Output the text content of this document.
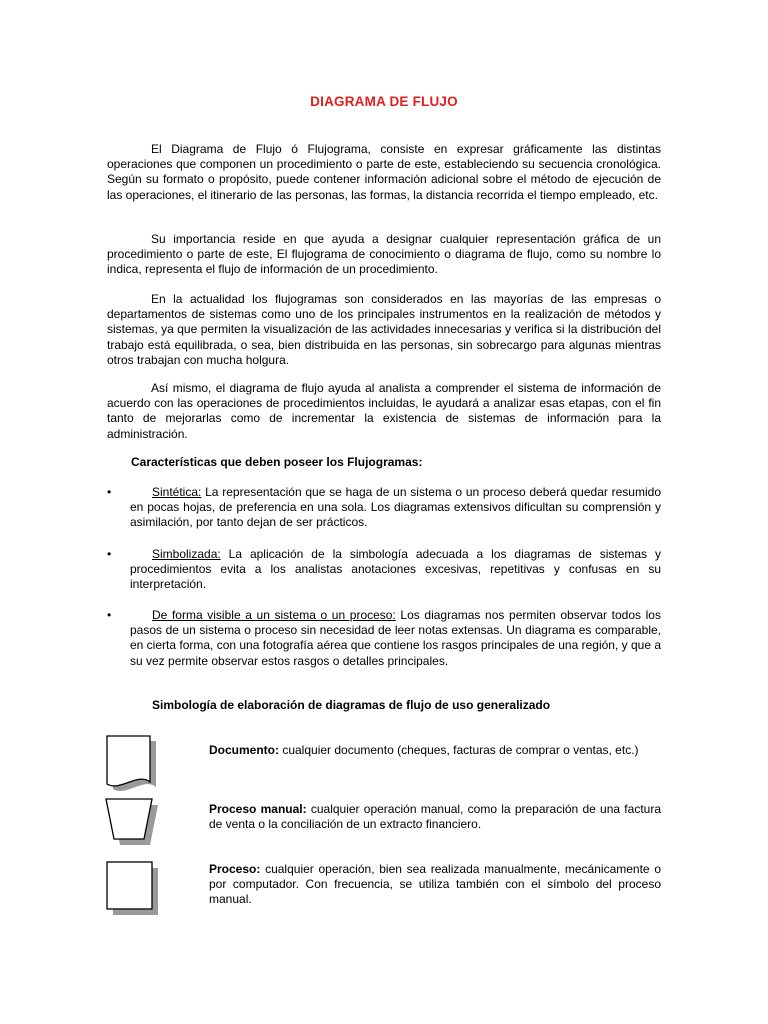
DIAGRAMA DE FLUJO

El Diagrama de Flujo ó Flujograma, consiste en expresar gráficamente las distintas operaciones que componen un procedimiento o parte de este, estableciendo su secuencia cronológica. Según su formato o propósito, puede contener información adicional sobre el método de ejecución de las operaciones, el itinerario de las personas, las formas, la distancia recorrida el tiempo empleado, etc.

Su importancia reside en que ayuda a designar cualquier representación gráfica de un procedimiento o parte de este, El flujograma de conocimiento o diagrama de flujo, como su nombre lo indica, representa el flujo de información de un procedimiento.

En la actualidad los flujogramas son considerados en las mayorías de las empresas o departamentos de sistemas como uno de los principales instrumentos en la realización de métodos y sistemas, ya que permiten la visualización de las actividades innecesarias y verifica si la distribución del trabajo está equilibrada, o sea, bien distribuida en las personas, sin sobrecargo para algunas mientras otros trabajan con mucha holgura.

Así mismo, el diagrama de flujo ayuda al analista a comprender el sistema de información de acuerdo con las operaciones de procedimientos incluidas, le ayudará a analizar esas etapas, con el fin tanto de mejorarlas como de incrementar la existencia de sistemas de información para la administración.

Características que deben poseer los Flujogramas:
•	Sintética: La representación que se haga de un sistema o un proceso deberá quedar resumido en pocas hojas, de preferencia en una sola. Los diagramas extensivos dificultan su comprensión y asimilación, por tanto dejan de ser prácticos.

•	Simbolizada: La aplicación de la simbología adecuada a los diagramas de sistemas y procedimientos evita a los analistas anotaciones excesivas, repetitivas y confusas en su interpretación.

•	De forma visible a un sistema o un proceso: Los diagramas nos permiten observar todos los pasos de un sistema o proceso sin necesidad de leer notas extensas. Un diagrama es comparable, en cierta forma, con una fotografía aérea que contiene los rasgos principales de una región, y que a su vez permite observar estos rasgos o detalles principales.

Simbología de elaboración de diagramas de flujo de uso generalizado

Documento: cualquier documento (cheques, facturas de comprar o ventas, etc.)

Proceso manual: cualquier operación manual, como la preparación de una factura de venta o la conciliación de un extracto financiero.

Proceso: cualquier operación, bien sea realizada manualmente, mecánicamente o por computador. Con frecuencia, se utiliza también con el símbolo del proceso manual.
